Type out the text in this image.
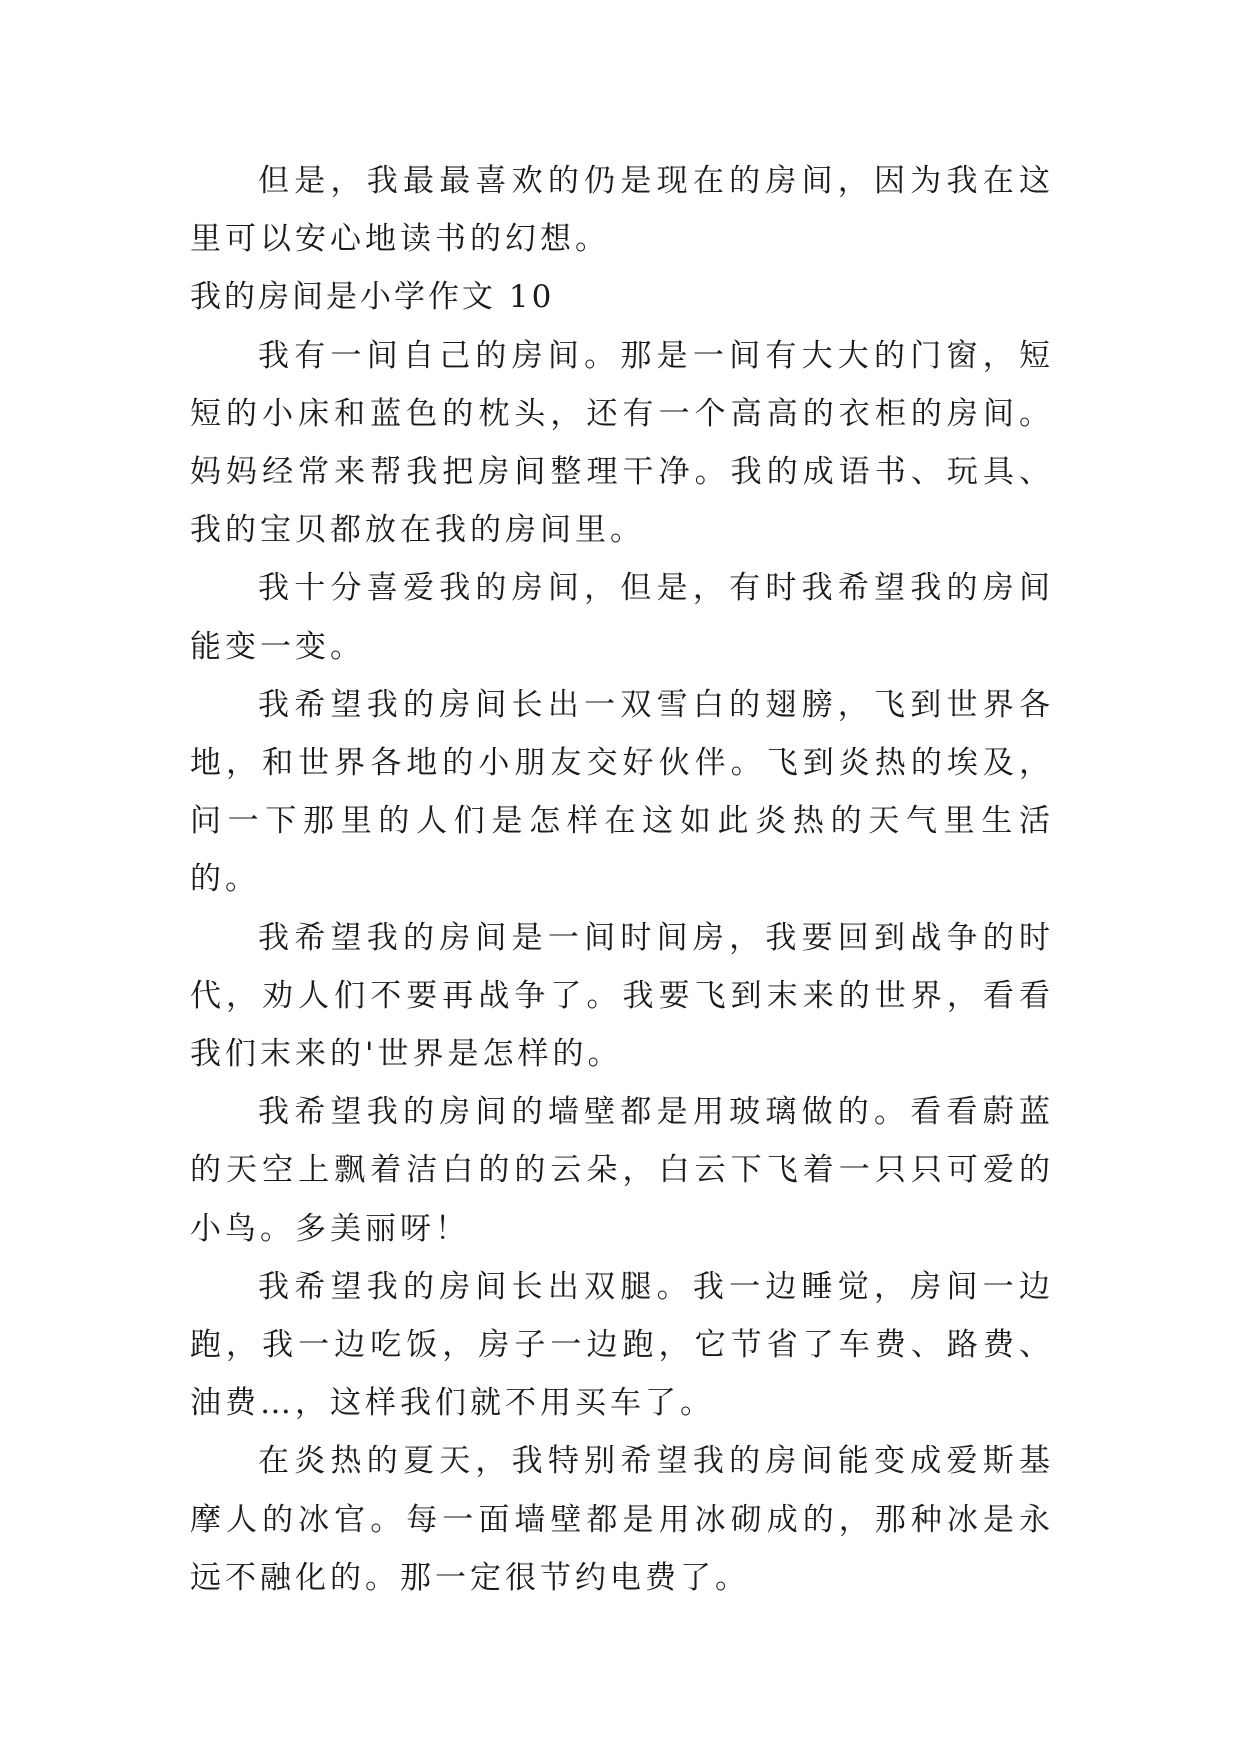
但是，我最最喜欢的仍是现在的房间，因为我在这里可以安心地读书的幻想。

我的房间是小学作文 10

我有一间自己的房间。那是一间有大大的门窗，短短的小床和蓝色的枕头，还有一个高高的衣柜的房间。妈妈经常来帮我把房间整理干净。我的成语书、玩具、我的宝贝都放在我的房间里。

我十分喜爱我的房间，但是，有时我希望我的房间能变一变。

我希望我的房间长出一双雪白的翅膀，飞到世界各地，和世界各地的小朋友交好伙伴。飞到炎热的埃及，问一下那里的人们是怎样在这如此炎热的天气里生活的。

我希望我的房间是一间时间房，我要回到战争的时代，劝人们不要再战争了。我要飞到末来的世界，看看我们末来的'世界是怎样的。

我希望我的房间的墙壁都是用玻璃做的。看看蔚蓝的天空上飘着洁白的的云朵，白云下飞着一只只可爱的小鸟。多美丽呀！

我希望我的房间长出双腿。我一边睡觉，房间一边跑，我一边吃饭，房子一边跑，它节省了车费、路费、油费…，这样我们就不用买车了。

在炎热的夏天，我特别希望我的房间能变成爱斯基摩人的冰官。每一面墙壁都是用冰砌成的，那种冰是永远不融化的。那一定很节约电费了。
